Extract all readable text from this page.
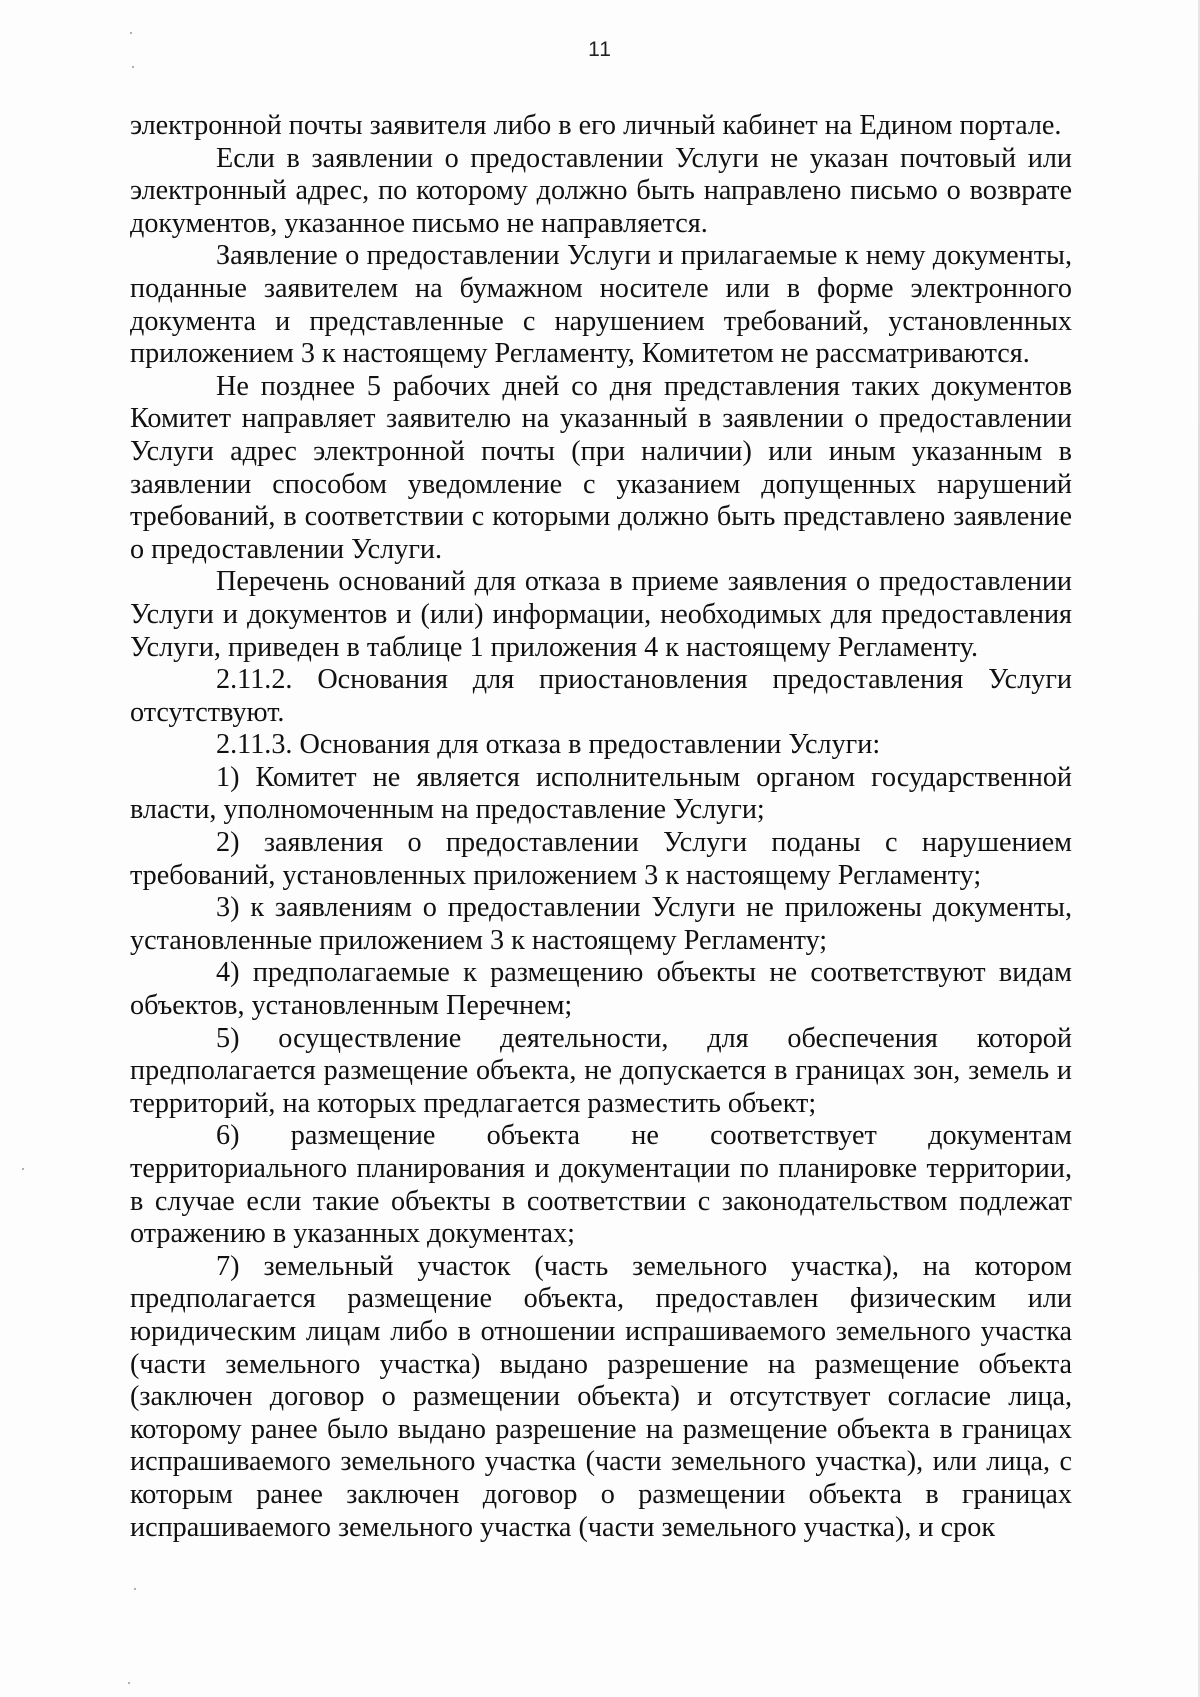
11

электронной почты заявителя либо в его личный кабинет на Едином портале.

Если в заявлении о предоставлении Услуги не указан почтовый или электронный адрес, по которому должно быть направлено письмо о возврате документов, указанное письмо не направляется.

Заявление о предоставлении Услуги и прилагаемые к нему документы, поданные заявителем на бумажном носителе или в форме электронного документа и представленные с нарушением требований, установленных приложением 3 к настоящему Регламенту, Комитетом не рассматриваются.

Не позднее 5 рабочих дней со дня представления таких документов Комитет направляет заявителю на указанный в заявлении о предоставлении Услуги адрес электронной почты (при наличии) или иным указанным в заявлении способом уведомление с указанием допущенных нарушений требований, в соответствии с которыми должно быть представлено заявление о предоставлении Услуги.

Перечень оснований для отказа в приеме заявления о предоставлении Услуги и документов и (или) информации, необходимых для предоставления Услуги, приведен в таблице 1 приложения 4 к настоящему Регламенту.

2.11.2. Основания для приостановления предоставления Услуги отсутствуют.

2.11.3. Основания для отказа в предоставлении Услуги:

1) Комитет не является исполнительным органом государственной власти, уполномоченным на предоставление Услуги;

2) заявления о предоставлении Услуги поданы с нарушением требований, установленных приложением 3 к настоящему Регламенту;

3) к заявлениям о предоставлении Услуги не приложены документы, установленные приложением 3 к настоящему Регламенту;

4) предполагаемые к размещению объекты не соответствуют видам объектов, установленным Перечнем;

5) осуществление деятельности, для обеспечения которой предполагается размещение объекта, не допускается в границах зон, земель и территорий, на которых предлагается разместить объект;

6) размещение объекта не соответствует документам территориального планирования и документации по планировке территории, в случае если такие объекты в соответствии с законодательством подлежат отражению в указанных документах;

7) земельный участок (часть земельного участка), на котором предполагается размещение объекта, предоставлен физическим или юридическим лицам либо в отношении испрашиваемого земельного участка (части земельного участка) выдано разрешение на размещение объекта (заключен договор о размещении объекта) и отсутствует согласие лица, которому ранее было выдано разрешение на размещение объекта в границах испрашиваемого земельного участка (части земельного участка), или лица, с которым ранее заключен договор о размещении объекта в границах испрашиваемого земельного участка (части земельного участка), и срок
